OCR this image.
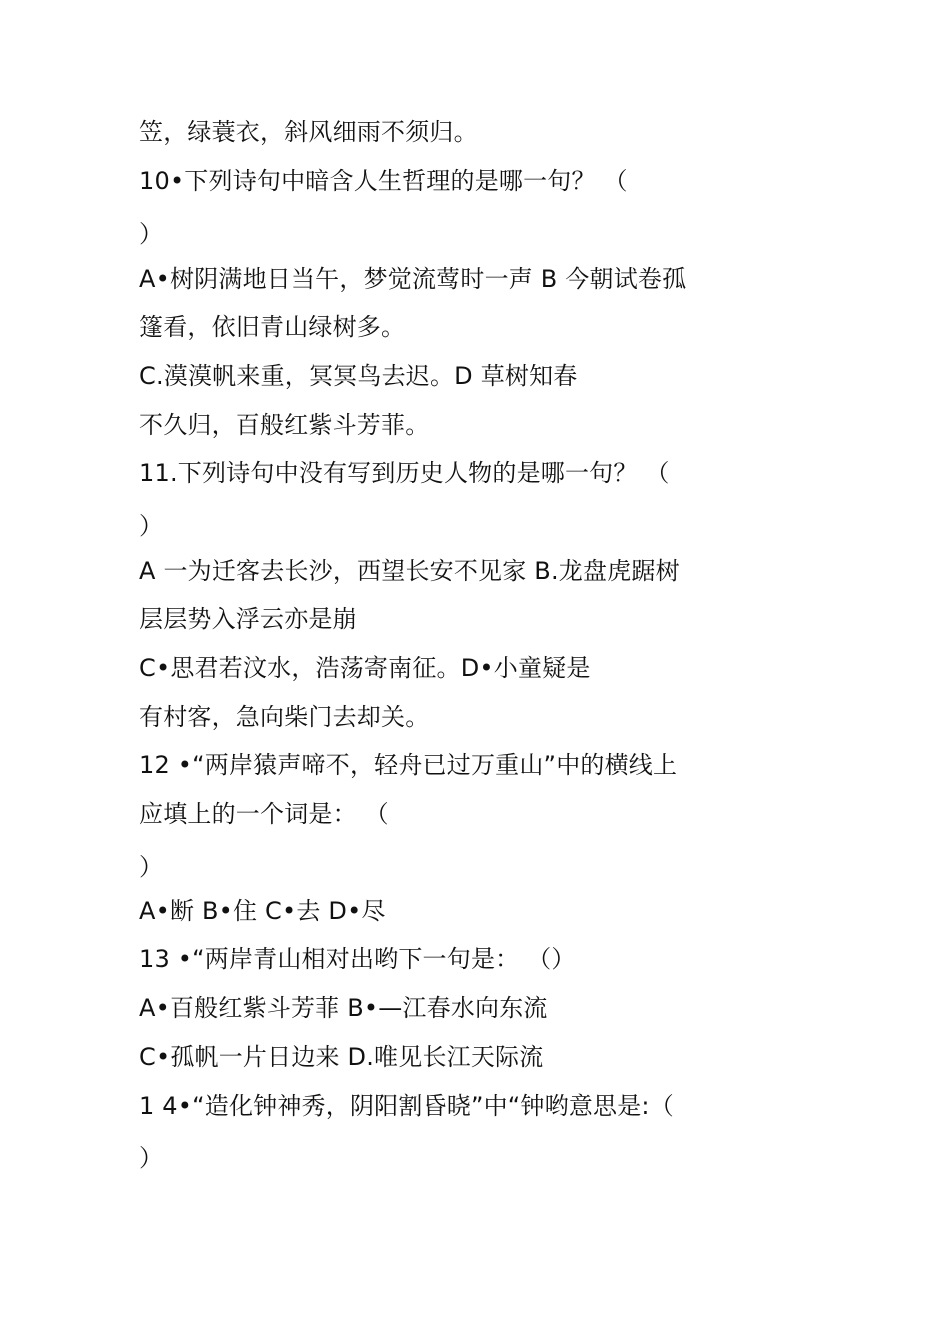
笠，绿蓑衣，斜风细雨不须归。
10•下列诗句中暗含人生哲理的是哪一句？ （
）
A•树阴满地日当午，梦觉流莺时一声 B 今朝试卷孤
篷看，依旧青山绿树多。
C.漠漠帆来重，冥冥鸟去迟。D 草树知春
不久归，百般红紫斗芳菲。
11.下列诗句中没有写到历史人物的是哪一句？ （
）
A 一为迁客去长沙，西望长安不见家 B.龙盘虎踞树
层层势入浮云亦是崩
C•思君若汶水，浩荡寄南征。D•小童疑是
有村客，急向柴门去却关。
12 •“两岸猿声啼不，轻舟已过万重山”中的横线上
应填上的一个词是： （
）
A•断 B•住 C•去 D•尽
13 •“两岸青山相对出哟下一句是： （）
A•百般红紫斗芳菲 B•—江春水向东流
C•孤帆一片日边来 D.唯见长江天际流
1 4•“造化钟神秀，阴阳割昏晓”中“钟哟意思是:（
）
